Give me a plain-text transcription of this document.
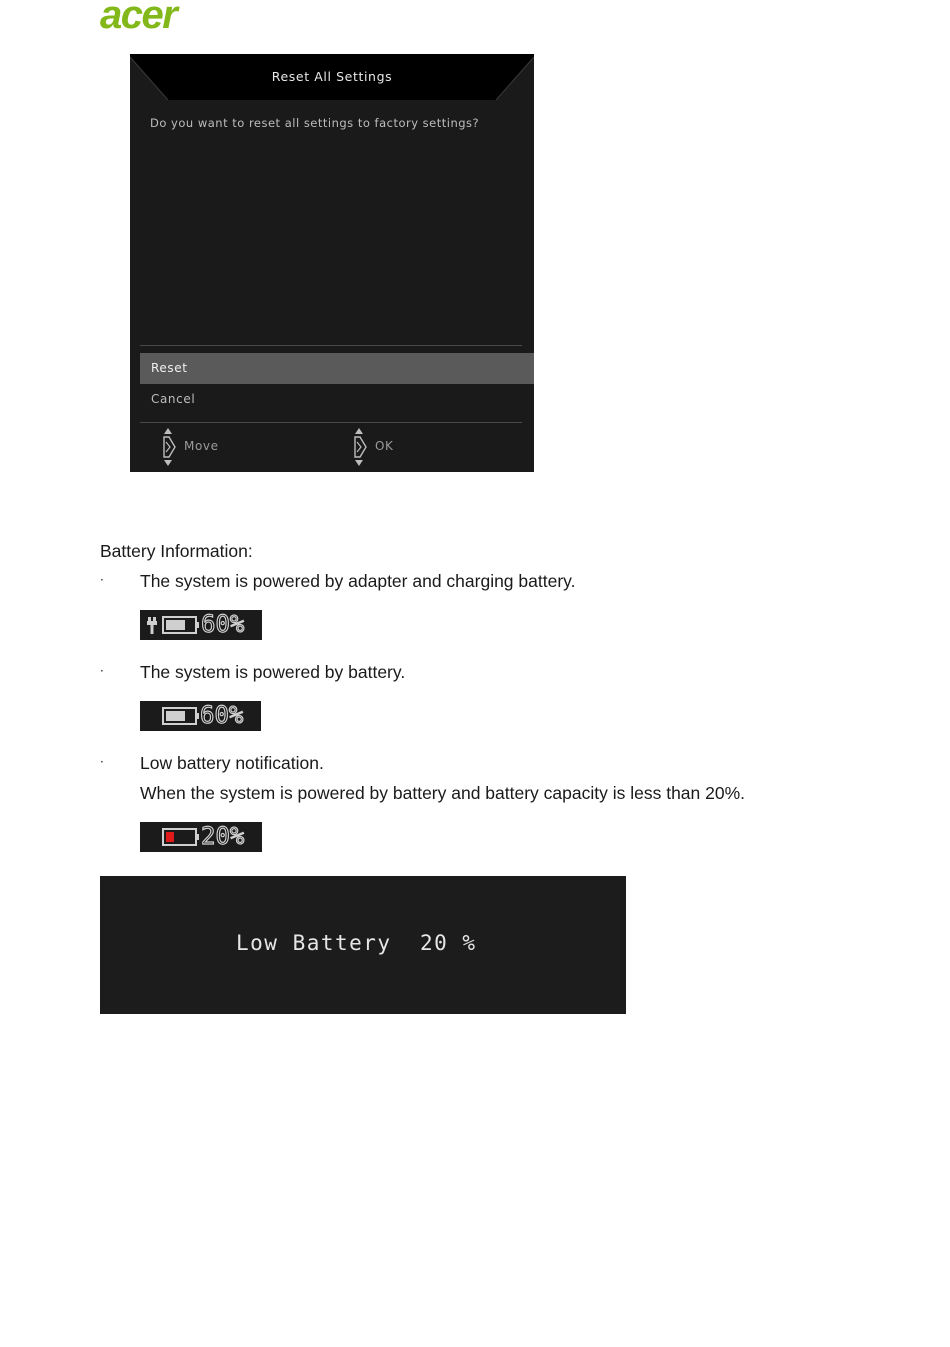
acer
Reset All Settings
Do you want to reset all settings to factory settings?
Reset
Cancel
Move	OK
Battery Information:
· The system is powered by adapter and charging battery.
60%
· The system is powered by battery.
60%
· Low battery notification.
When the system is powered by battery and battery capacity is less than 20%.
20%
Low Battery 20 %
